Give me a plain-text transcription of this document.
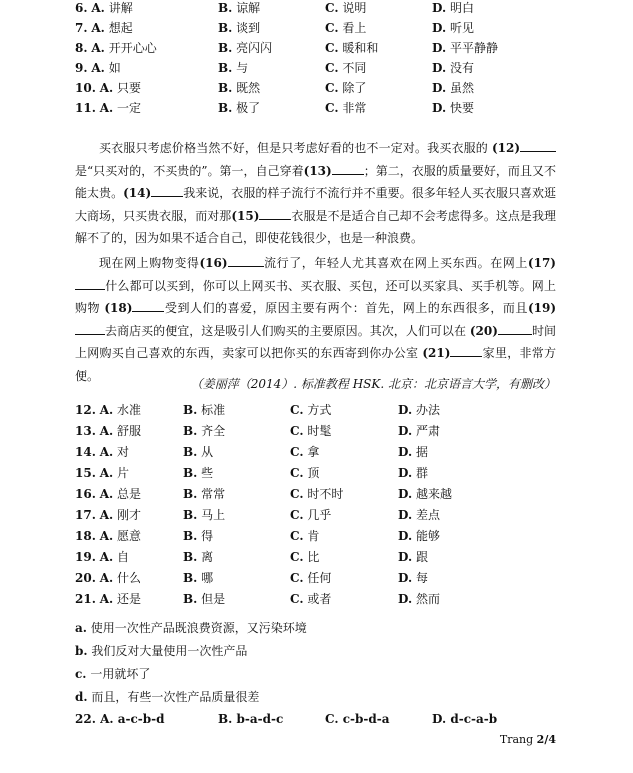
6. A. 讲解	B. 谅解	C. 说明	D. 明白
7. A. 想起	B. 谈到	C. 看上	D. 听见
8. A. 开开心心	B. 亮闪闪	C. 暖和和	D. 平平静静
9. A. 如	B. 与	C. 不同	D. 没有
10. A. 只要	B. 既然	C. 除了	D. 虽然
11. A. 一定	B. 极了	C. 非常	D. 快要

买衣服只考虑价格当然不好，但是只考虑好看的也不一定对。我买衣服的 (12)是“只买对的，不买贵的”。第一，自己穿着(13)	；第二，衣服的质量要好，而且又不能太贵。(14)	我来说，衣服的样子流行不流行并不重要。很多年轻人买衣服只喜欢逛大商场，只买贵衣服，而对那(15)	衣服是不是适合自己却不会考虑得多。这点是我理解不了的，因为如果不适合自己，即使花钱很少，也是一种浪费。

现在网上购物变得(16)	流行了，年轻人尤其喜欢在网上买东西。在网上(17)什么都可以买到，你可以上网买书、买衣服、买包，还可以买家具、买手机等。网上购物 (18)	受到人们的喜爱，原因主要有两个：首先，网上的东西很多，而且(19)去商店买的便宜，这是吸引人们购买的主要原因。其次，人们可以在 (20)	时间上网购买自己喜欢的东西，卖家可以把你买的东西寄到你办公室 (21)	家里，非常方便。

（姜丽萍（2014）. 标准教程 HSK. 北京：北京语言大学，有删改）
12. A. 水准	B. 标准	C. 方式	D. 办法
13. A. 舒服	B. 齐全	C. 时髦	D. 严肃
14. A. 对	B. 从	C. 拿	D. 据
15. A. 片	B. 些	C. 顶	D. 群
16. A. 总是	B. 常常	C. 时不时	D. 越来越
17. A. 刚才	B. 马上	C. 几乎	D. 差点
18. A. 愿意	B. 得	C. 肯	D. 能够
19. A. 自	B. 离	C. 比	D. 跟
20. A. 什么	B. 哪	C. 任何	D. 每
21. A. 还是	B. 但是	C. 或者	D. 然而
a. 使用一次性产品既浪费资源，又污染环境
b. 我们反对大量使用一次性产品
c. 一用就坏了
d. 而且，有些一次性产品质量很差
22. A. a-c-b-d	B. b-a-d-c	C. c-b-d-a	D. d-c-a-b
Trang 2/4
